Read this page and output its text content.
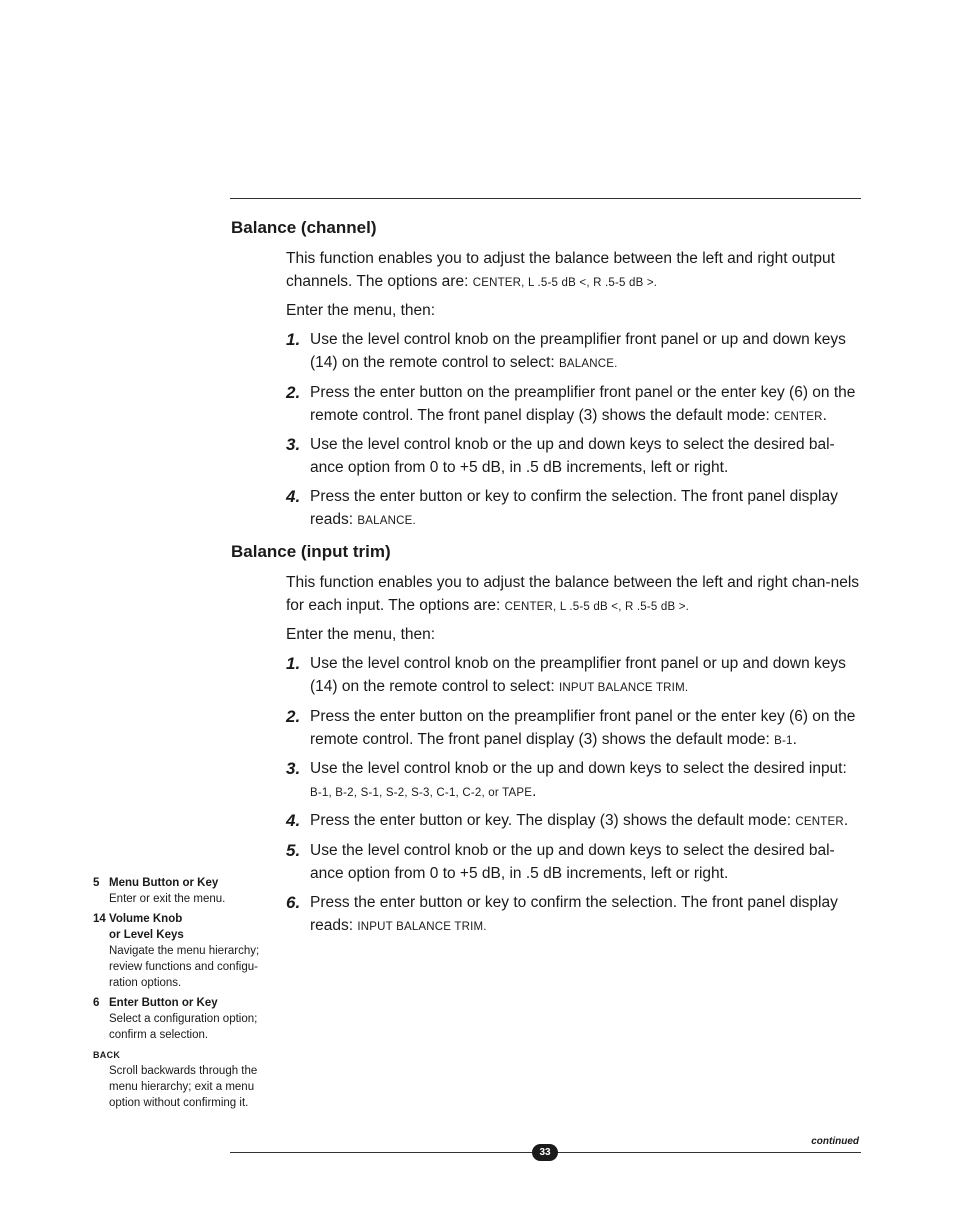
Balance (channel)

This function enables you to adjust the balance between the left and right output channels. The options are: CENTER, L .5-5 dB <, R .5-5 dB >.

Enter the menu, then:

1. Use the level control knob on the preamplifier front panel or up and down keys (14) on the remote control to select: BALANCE.

2. Press the enter button on the preamplifier front panel or the enter key (6) on the remote control. The front panel display (3) shows the default mode: CENTER.

3. Use the level control knob or the up and down keys to select the desired bal-ance option from 0 to +5 dB, in .5 dB increments, left or right.

4. Press the enter button or key to confirm the selection. The front panel display reads: BALANCE.

Balance (input trim)

This function enables you to adjust the balance between the left and right chan-nels for each input. The options are: CENTER, L .5-5 dB <, R .5-5 dB >.

Enter the menu, then:

1. Use the level control knob on the preamplifier front panel or up and down keys (14) on the remote control to select: INPUT BALANCE TRIM.

2. Press the enter button on the preamplifier front panel or the enter key (6) on the remote control. The front panel display (3) shows the default mode: B-1.

3. Use the level control knob or the up and down keys to select the desired input: B-1, B-2, S-1, S-2, S-3, C-1, C-2, or TAPE.

4. Press the enter button or key. The display (3) shows the default mode: CENTER.

5. Use the level control knob or the up and down keys to select the desired bal-ance option from 0 to +5 dB, in .5 dB increments, left or right.

6. Press the enter button or key to confirm the selection. The front panel display reads: INPUT BALANCE TRIM.

5 Menu Button or Key
Enter or exit the menu.
14 Volume Knob
or Level Keys
Navigate the menu hierarchy; review functions and configu-ration options.
6 Enter Button or Key
Select a configuration option; confirm a selection.
BACK
Scroll backwards through the menu hierarchy; exit a menu option without confirming it.
continued
33
